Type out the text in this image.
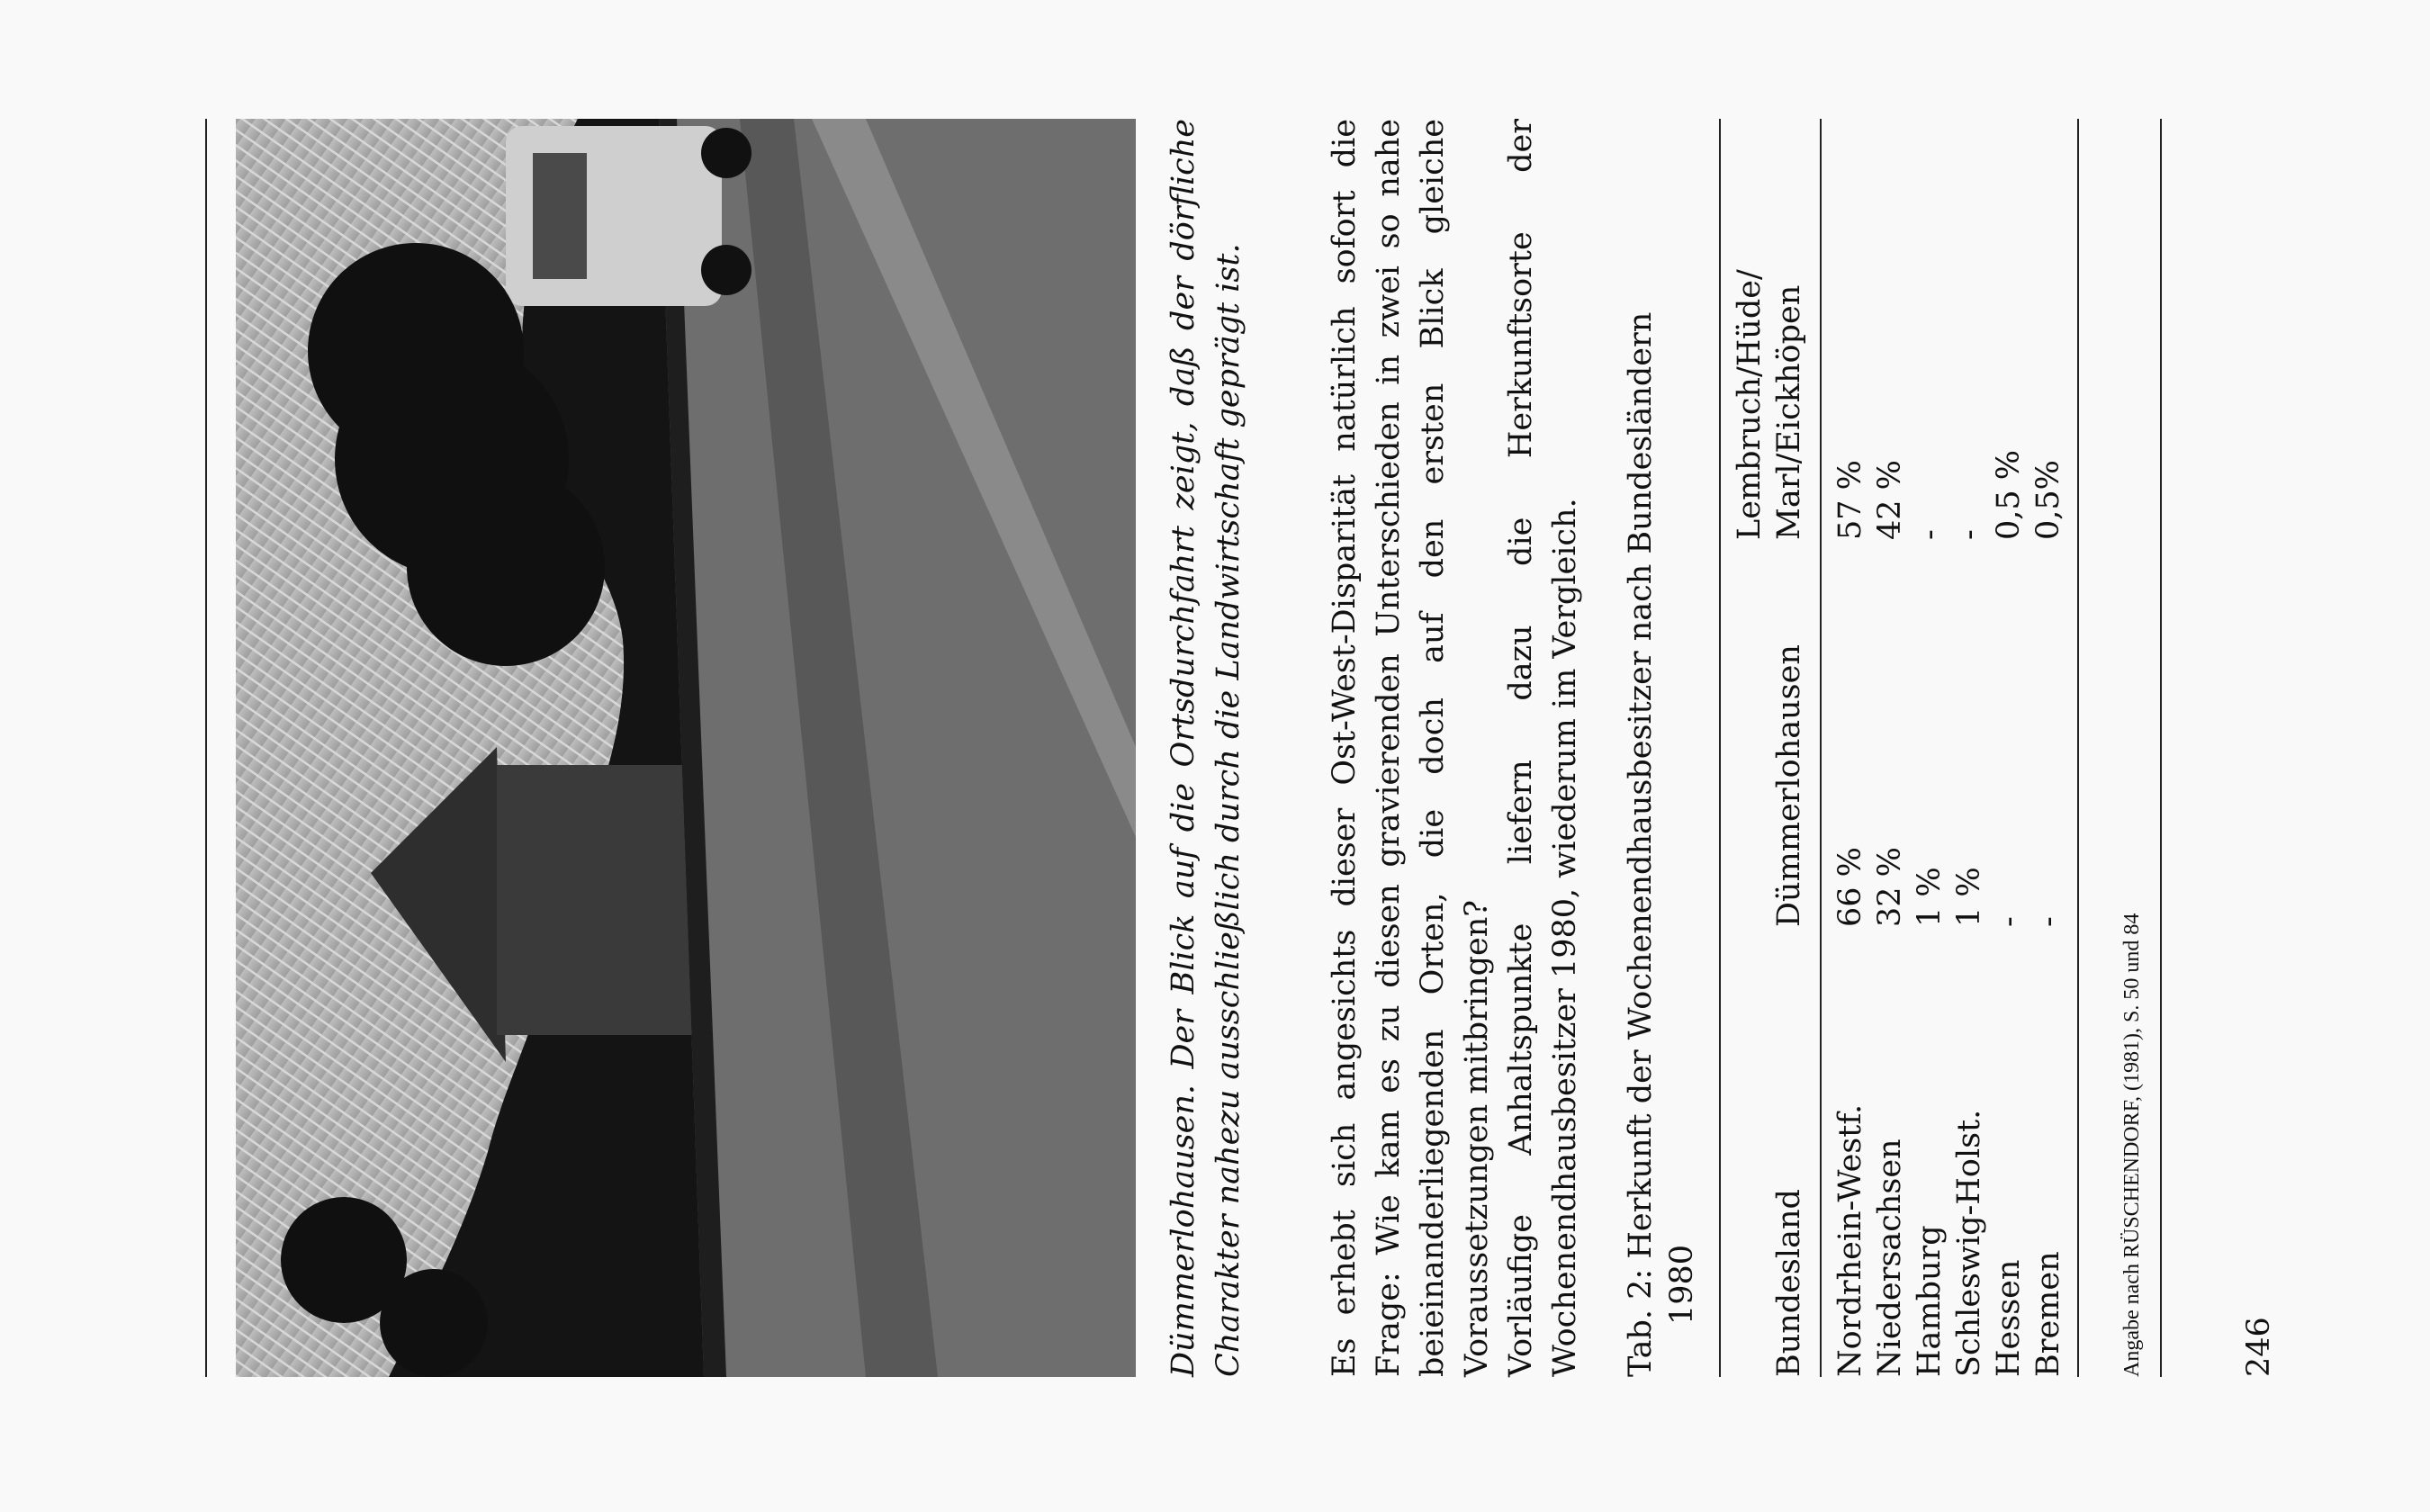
Dümmerlohausen. Der Blick auf die Ortsdurchfahrt zeigt, daß der dörfliche Charakter nahezu ausschließlich durch die Landwirtschaft geprägt ist.	Es erhebt sich angesichts dieser Ost-West-Disparität natürlich sofort die Frage: Wie kam es zu diesen gravierenden Unterschieden in zwei so nahe beieinanderliegenden Orten, die doch auf den ersten Blick gleiche Voraussetzungen mitbringen? Vorläufige Anhaltspunkte liefern dazu die Herkunftsorte der Wochenendhausbesitzer 1980, wiederum im Vergleich. Tab. 2: Herkunft der Wochenendhausbesitzer nach Bundesländern 1980 Bundesland	Dümmerlohausen	Lembruch/Hüde/ Marl/Eickhöpen
Nordrhein-Westf.	66 %	57 %
Niedersachsen	32 %	42 %
Hamburg	1 %	-
Schleswig-Holst.	1 %	-
Hessen	-	0,5 %
Bremen	-	0,5%
Angabe nach RÜSCHENDORF, (1981), S. 50 und 84	246
